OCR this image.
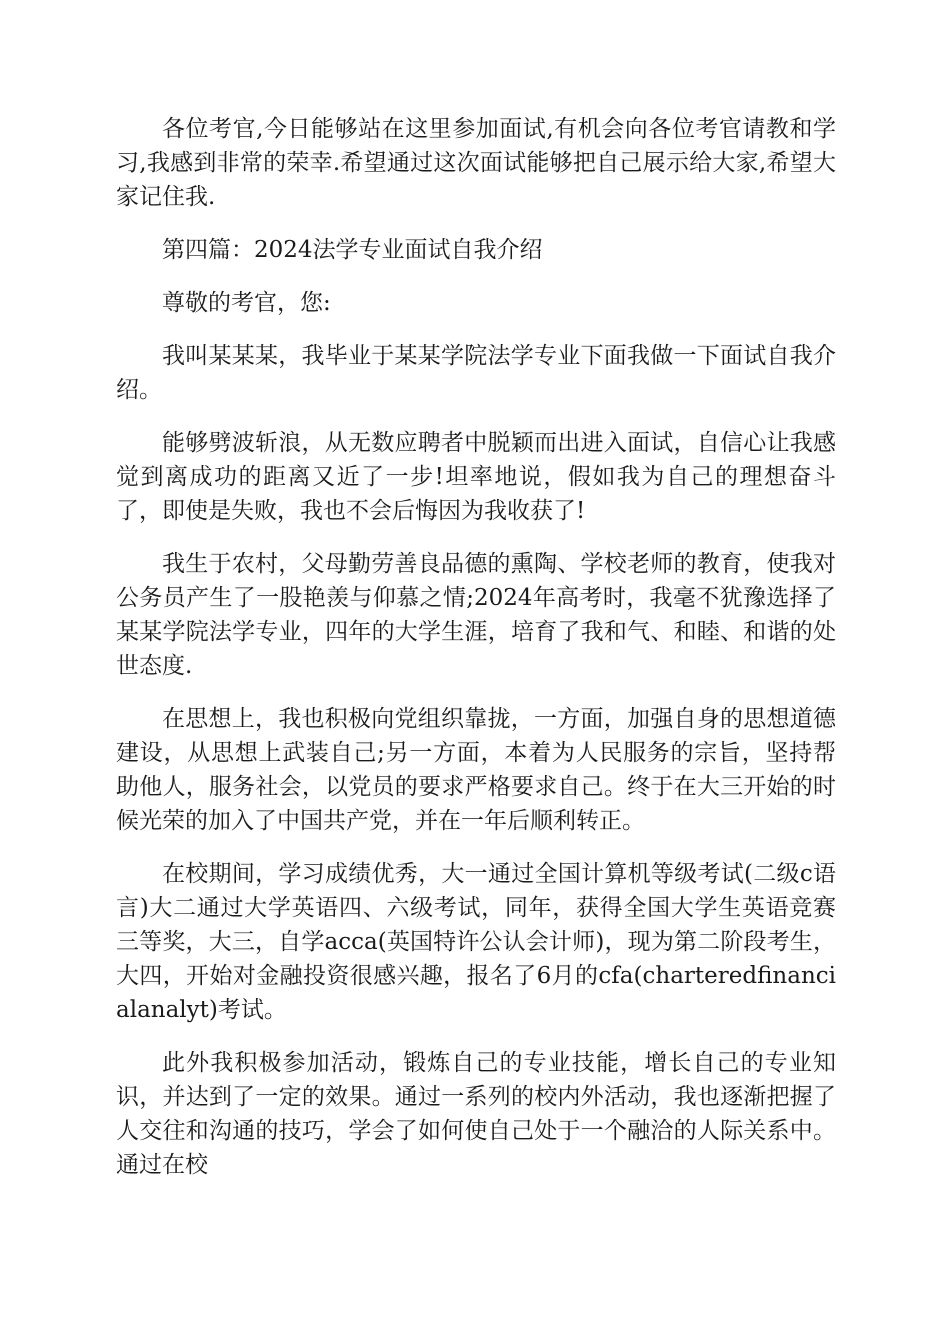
各位考官,今日能够站在这里参加面试,有机会向各位考官请教和学习,我感到非常的荣幸.希望通过这次面试能够把自己展示给大家,希望大家记住我.

第四篇：2024法学专业面试自我介绍

尊敬的考官，您:

我叫某某某，我毕业于某某学院法学专业下面我做一下面试自我介绍。

能够劈波斩浪，从无数应聘者中脱颖而出进入面试，自信心让我感觉到离成功的距离又近了一步!坦率地说，假如我为自己的理想奋斗了，即使是失败，我也不会后悔因为我收获了!

我生于农村，父母勤劳善良品德的熏陶、学校老师的教育，使我对公务员产生了一股艳羡与仰慕之情;2024年高考时，我毫不犹豫选择了某某学院法学专业，四年的大学生涯，培育了我和气、和睦、和谐的处世态度.

在思想上，我也积极向党组织靠拢，一方面，加强自身的思想道德建设，从思想上武装自己;另一方面，本着为人民服务的宗旨，坚持帮助他人，服务社会，以党员的要求严格要求自己。终于在大三开始的时候光荣的加入了中国共产党，并在一年后顺利转正。

在校期间，学习成绩优秀，大一通过全国计算机等级考试(二级c语言)大二通过大学英语四、六级考试，同年，获得全国大学生英语竞赛三等奖，大三，自学acca(英国特许公认会计师)，现为第二阶段考生，大四，开始对金融投资很感兴趣，报名了6月的cfa(charteredfinancialanalyt)考试。

此外我积极参加活动，锻炼自己的专业技能，增长自己的专业知识，并达到了一定的效果。通过一系列的校内外活动，我也逐渐把握了人交往和沟通的技巧，学会了如何使自己处于一个融洽的人际关系中。通过在校
